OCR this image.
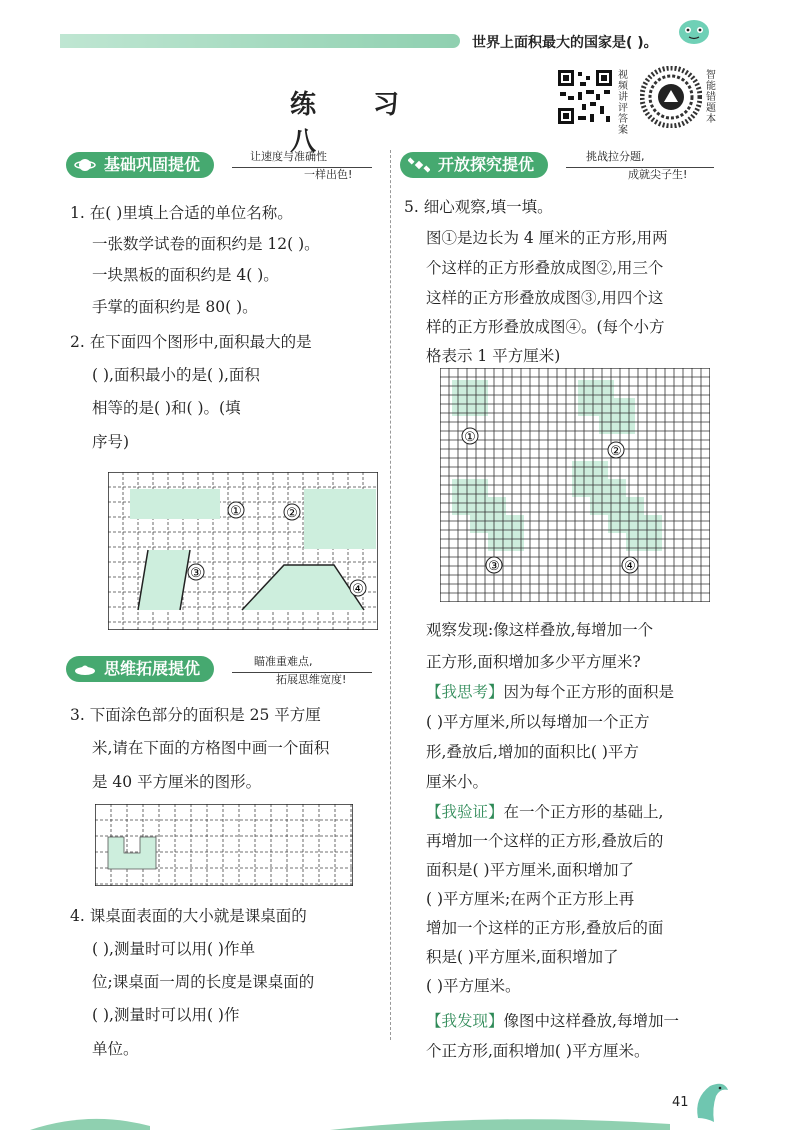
世界上面积最大的国家是( )。
练 习 八
视频讲评答案
智能错题本
基础巩固提优	让速度与准确性
一样出色!
1. 在( )里填上合适的单位名称。
一张数学试卷的面积约是 12( )。
一块黑板的面积约是 4( )。
手掌的面积约是 80( )。
2. 在下面四个图形中,面积最大的是
( ),面积最小的是( ),面积
相等的是( )和( )。(填
序号)
①	②
③
④
思维拓展提优	瞄准重难点,
拓展思维宽度!
3. 下面涂色部分的面积是 25 平方厘
米,请在下面的方格图中画一个面积
是 40 平方厘米的图形。
4. 课桌面表面的大小就是课桌面的
( ),测量时可以用( )作单
位;课桌面一周的长度是课桌面的
( ),测量时可以用( )作
单位。
开放探究提优	挑战拉分题,
成就尖子生!
5. 细心观察,填一填。
图①是边长为 4 厘米的正方形,用两
个这样的正方形叠放成图②,用三个
这样的正方形叠放成图③,用四个这
样的正方形叠放成图④。(每个小方
格表示 1 平方厘米)
①
②
③	④
观察发现:像这样叠放,每增加一个
正方形,面积增加多少平方厘米?
【我思考】因为每个正方形的面积是
( )平方厘米,所以每增加一个正方
形,叠放后,增加的面积比( )平方
厘米小。
【我验证】在一个正方形的基础上,
再增加一个这样的正方形,叠放后的
面积是( )平方厘米,面积增加了
( )平方厘米;在两个正方形上再
增加一个这样的正方形,叠放后的面
积是( )平方厘米,面积增加了
( )平方厘米。
【我发现】像图中这样叠放,每增加一
个正方形,面积增加( )平方厘米。
41
